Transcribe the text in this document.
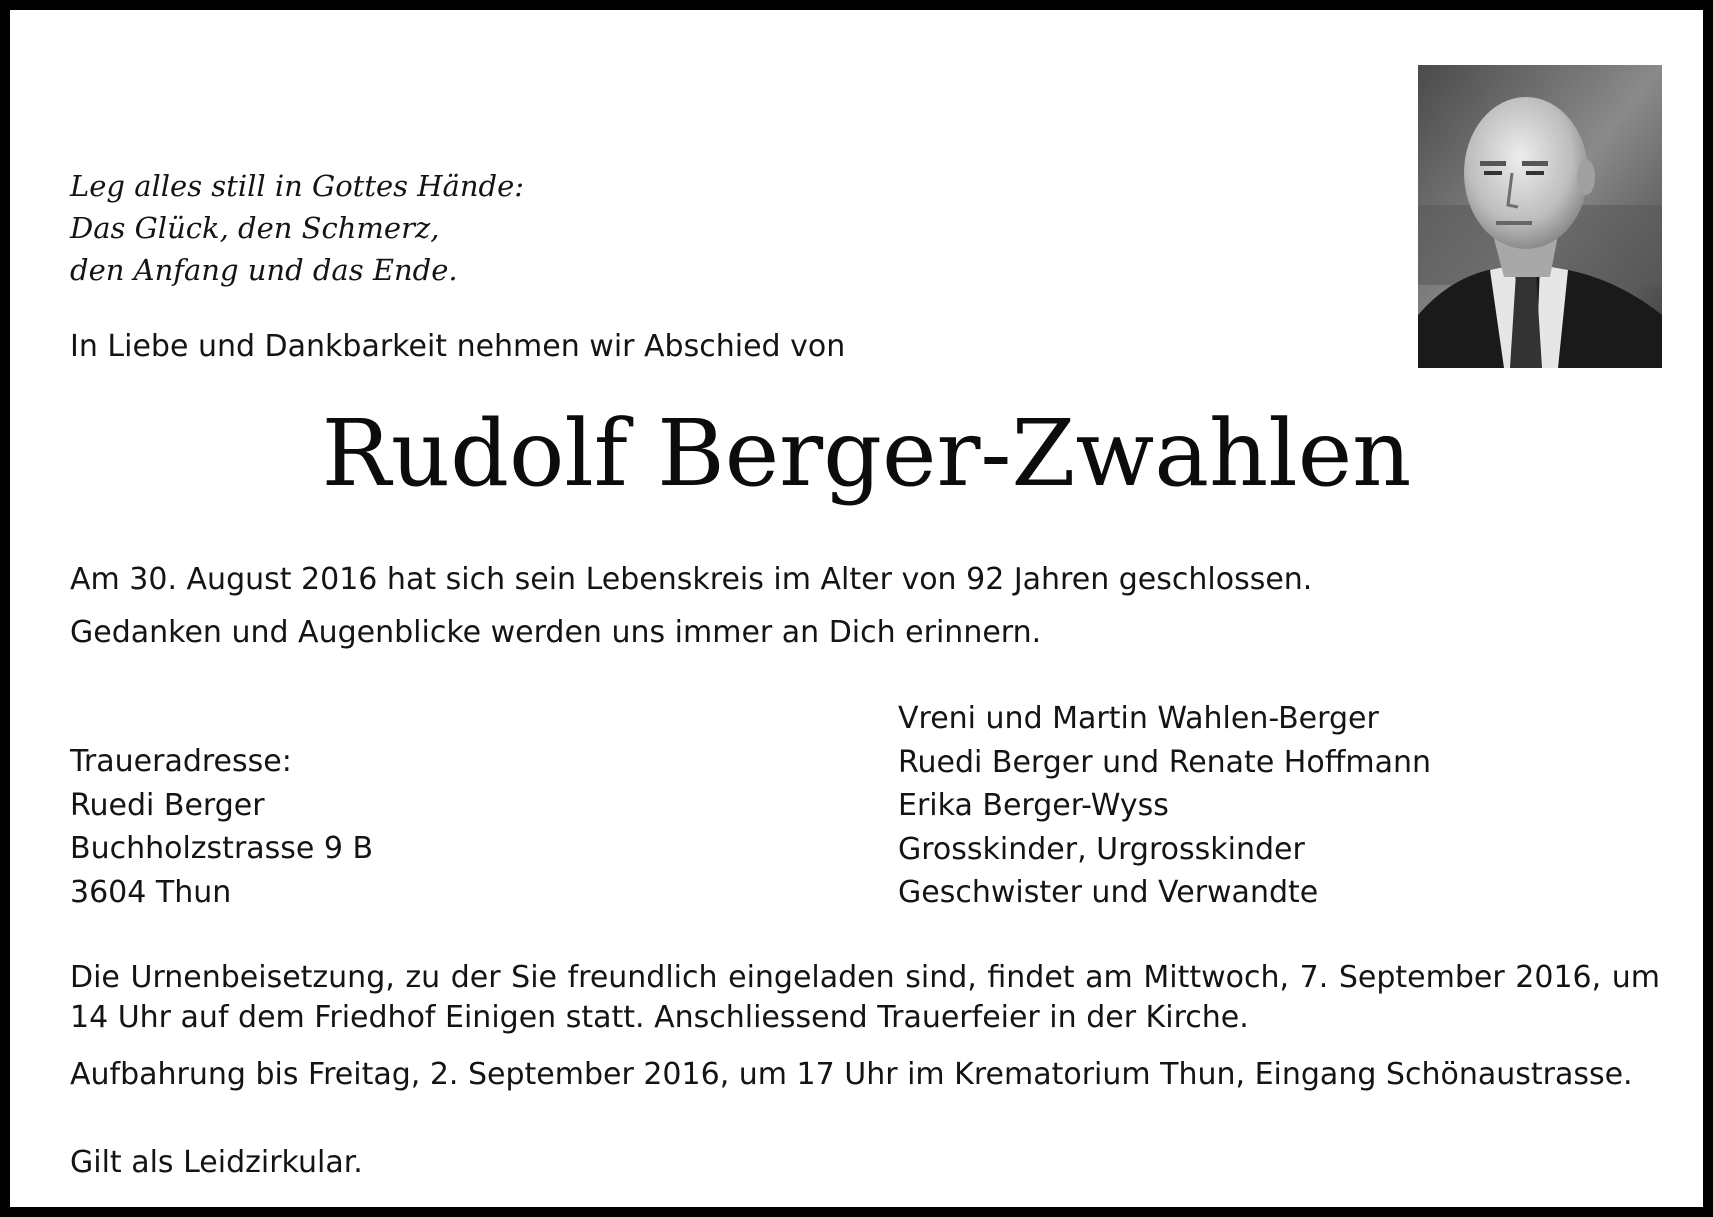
Leg alles still in Gottes Hände:
Das Glück, den Schmerz,
den Anfang und das Ende.
In Liebe und Dankbarkeit nehmen wir Abschied von
Rudolf Berger-Zwahlen
Am 30. August 2016 hat sich sein Lebenskreis im Alter von 92 Jahren geschlossen.
Gedanken und Augenblicke werden uns immer an Dich erinnern.
Traueradresse:
Ruedi Berger
Buchholzstrasse 9 B
3604 Thun
Vreni und Martin Wahlen-Berger
Ruedi Berger und Renate Hoffmann
Erika Berger-Wyss
Grosskinder, Urgrosskinder
Geschwister und Verwandte
Die Urnenbeisetzung, zu der Sie freundlich eingeladen sind, findet am Mittwoch, 7. September 2016, um 14 Uhr auf dem Friedhof Einigen statt. Anschliessend Trauerfeier in der Kirche.
Aufbahrung bis Freitag, 2. September 2016, um 17 Uhr im Krematorium Thun, Eingang Schönaustrasse.
Gilt als Leidzirkular.
